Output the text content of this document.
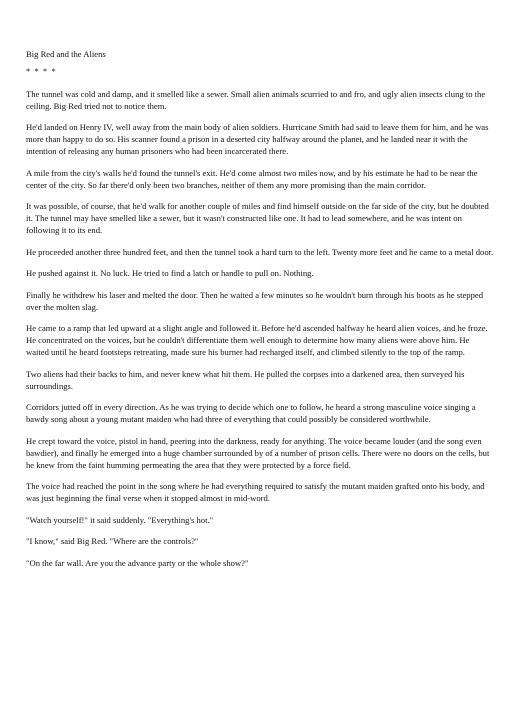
Big Red and the Aliens
* * * *

The tunnel was cold and damp, and it smelled like a sewer. Small alien animals scurried to and fro, and ugly alien insects clung to the ceiling. Big Red tried not to notice them.

He'd landed on Henry IV, well away from the main body of alien soldiers. Hurricane Smith had said to leave them for him, and he was more than happy to do so. His scanner found a prison in a deserted city halfway around the planet, and he landed near it with the intention of releasing any human prisoners who had been incarcerated there.

A mile from the city's walls he'd found the tunnel's exit. He'd come almost two miles now, and by his estimate he had to be near the center of the city. So far there'd only been two branches, neither of them any more promising than the main corridor.

It was possible, of course, that he'd walk for another couple of miles and find himself outside on the far side of the city, but he doubted it. The tunnel may have smelled like a sewer, but it wasn't constructed like one. It had to lead somewhere, and he was intent on following it to its end.

He proceeded another three hundred feet, and then the tunnel took a hard turn to the left. Twenty more feet and he came to a metal door.

He pushed against it. No luck. He tried to find a latch or handle to pull on. Nothing.

Finally he withdrew his laser and melted the door. Then he waited a few minutes so he wouldn't burn through his boots as he stepped over the molten slag.

He came to a ramp that led upward at a slight angle and followed it. Before he'd ascended halfway he heard alien voices, and he froze. He concentrated on the voices, but he couldn't differentiate them well enough to determine how many aliens were above him. He waited until he heard footsteps retreating, made sure his burner had recharged itself, and climbed silently to the top of the ramp.

Two aliens had their backs to him, and never knew what hit them. He pulled the corpses into a darkened area, then surveyed his surroundings.

Corridors jutted off in every direction. As he was trying to decide which one to follow, he heard a strong masculine voice singing a bawdy song about a young mutant maiden who had three of everything that could possibly be considered worthwhile.

He crept toward the voice, pistol in hand, peering into the darkness, ready for anything. The voice became louder (and the song even bawdier), and finally he emerged into a huge chamber surrounded by of a number of prison cells. There were no doors on the cells, but he knew from the faint humming permeating the area that they were protected by a force field.

The voice had reached the point in the song where he had everything required to satisfy the mutant maiden grafted onto his body, and was just beginning the final verse when it stopped almost in mid-word.

"Watch yourself!" it said suddenly. "Everything's hot."

"I know," said Big Red. "Where are the controls?"

"On the far wall. Are you the advance party or the whole show?"
